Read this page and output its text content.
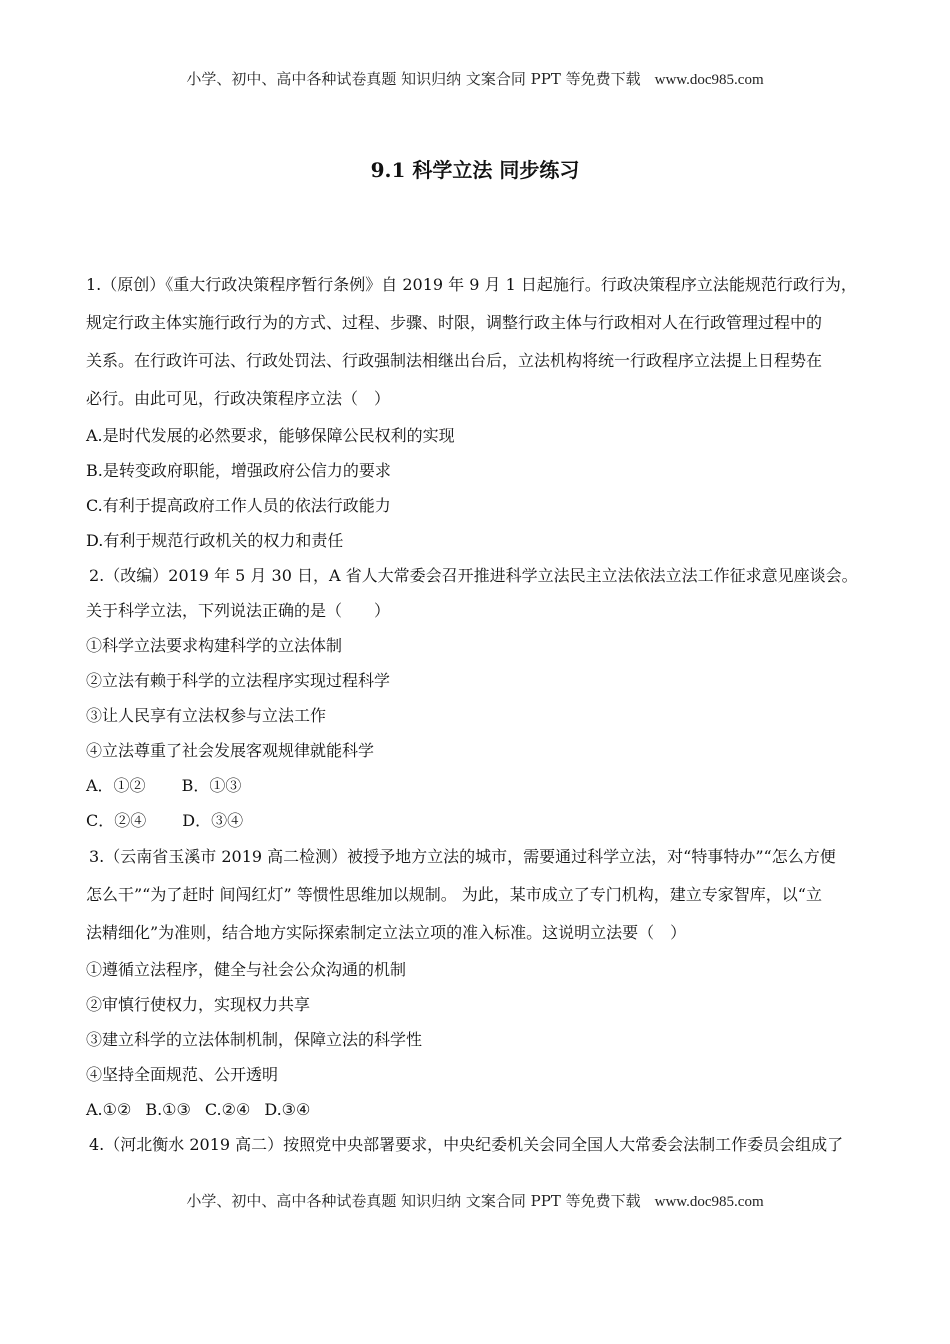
小学、初中、高中各种试卷真题 知识归纳 文案合同 PPT 等免费下载 www.doc985.com
9.1 科学立法 同步练习
1.（原创）《重大行政决策程序暂行条例》自 2019 年 9 月 1 日起施行。行政决策程序立法能规范行政行为，
规定行政主体实施行政行为的方式、过程、步骤、时限，调整行政主体与行政相对人在行政管理过程中的
关系。在行政许可法、行政处罚法、行政强制法相继出台后，立法机构将统一行政程序立法提上日程势在
必行。由此可见，行政决策程序立法（　）
A.是时代发展的必然要求，能够保障公民权利的实现
B.是转变政府职能，增强政府公信力的要求
C.有利于提高政府工作人员的依法行政能力
D.有利于规范行政机关的权力和责任
2.（改编）2019 年 5 月 30 日，A 省人大常委会召开推进科学立法民主立法依法立法工作征求意见座谈会。
关于科学立法，下列说法正确的是（　　）
①科学立法要求构建科学的立法体制
②立法有赖于科学的立法程序实现过程科学
③让人民享有立法权参与立法工作
④立法尊重了社会发展客观规律就能科学
A．①② B．①③
C．②④ D．③④
3.（云南省玉溪市 2019 高二检测）被授予地方立法的城市，需要通过科学立法，对“特事特办”“怎么方便
怎么干”“为了赶时 间闯红灯” 等惯性思维加以规制。 为此，某市成立了专门机构，建立专家智库，以“立
法精细化”为准则，结合地方实际探索制定立法立项的准入标准。这说明立法要（　）
①遵循立法程序，健全与社会公众沟通的机制
②审慎行使权力，实现权力共享
③建立科学的立法体制机制，保障立法的科学性
④坚持全面规范、公开透明
A.①② B.①③ C.②④ D.③④
4.（河北衡水 2019 高二）按照党中央部署要求，中央纪委机关会同全国人大常委会法制工作委员会组成了
小学、初中、高中各种试卷真题 知识归纳 文案合同 PPT 等免费下载 www.doc985.com
